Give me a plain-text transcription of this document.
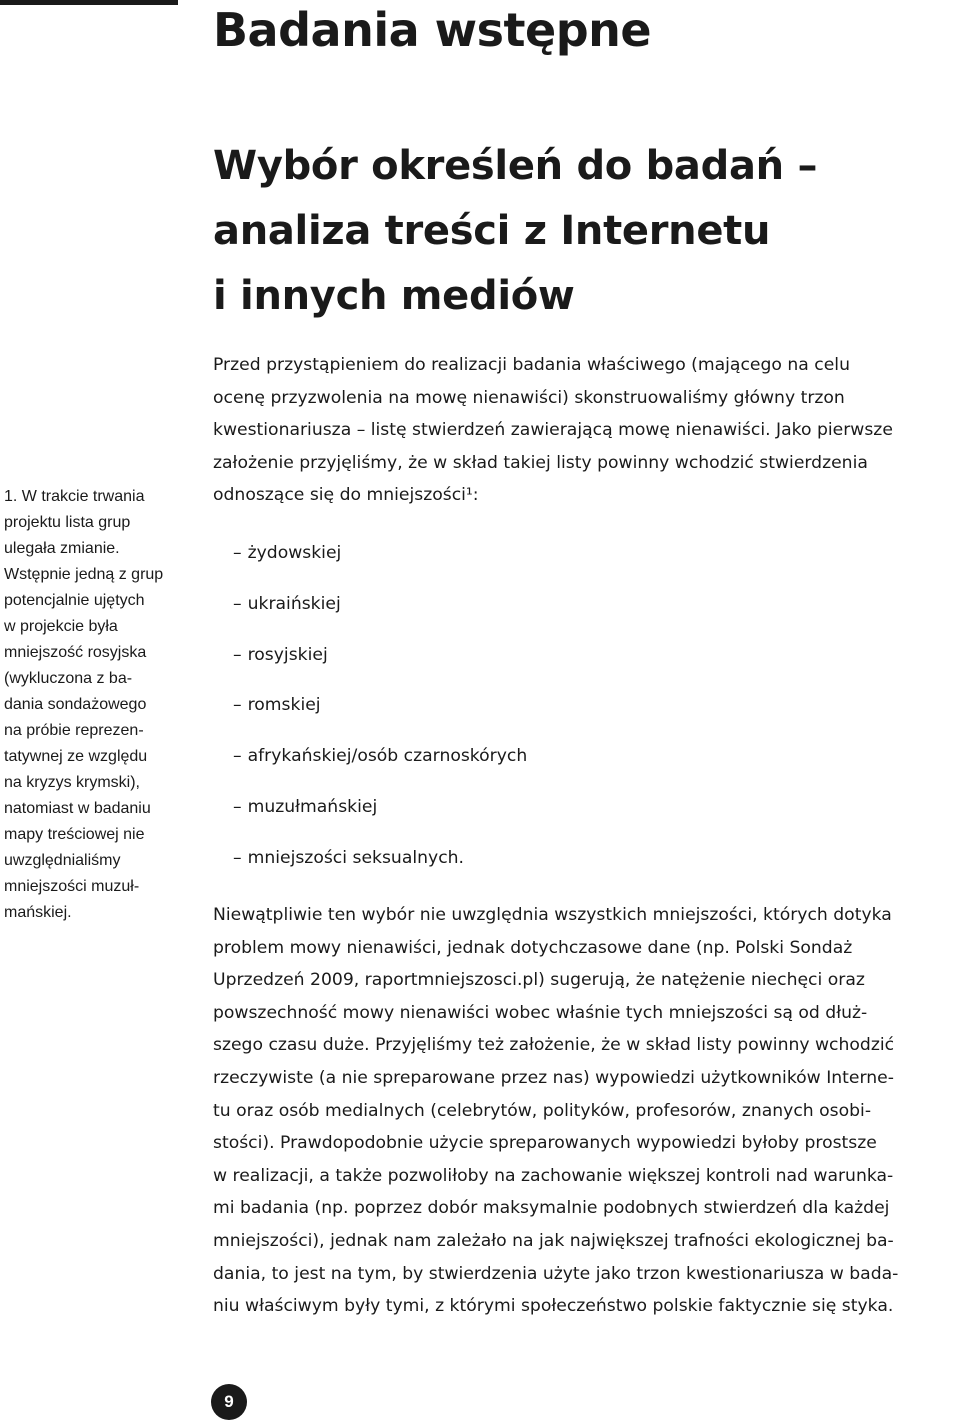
Badania wstępne
Wybór określeń do badań –
analiza treści z Internetu
i innych mediów
1. W trakcie trwania
projektu lista grup
ulegała zmianie.
Wstępnie jedną z grup
potencjalnie ujętych
w projekcie była
mniejszość rosyjska
(wykluczona z ba-
dania sondażowego
na próbie reprezen-
tatywnej ze względu
na kryzys krymski),
natomiast w badaniu
mapy treściowej nie
uwzględnialiśmy
mniejszości muzuł-
mańskiej.
Przed przystąpieniem do realizacji badania właściwego (mającego na celu
ocenę przyzwolenia na mowę nienawiści) skonstruowaliśmy główny trzon
kwestionariusza – listę stwierdzeń zawierającą mowę nienawiści. Jako pierwsze
założenie przyjęliśmy, że w skład takiej listy powinny wchodzić stwierdzenia
odnoszące się do mniejszości¹:
– żydowskiej
– ukraińskiej
– rosyjskiej
– romskiej
– afrykańskiej/osób czarnoskórych
– muzułmańskiej
– mniejszości seksualnych.
Niewątpliwie ten wybór nie uwzględnia wszystkich mniejszości, których dotyka
problem mowy nienawiści, jednak dotychczasowe dane (np. Polski Sondaż
Uprzedzeń 2009, raportmniejszosci.pl) sugerują, że natężenie niechęci oraz
powszechność mowy nienawiści wobec właśnie tych mniejszości są od dłuż-
szego czasu duże. Przyjęliśmy też założenie, że w skład listy powinny wchodzić
rzeczywiste (a nie spreparowane przez nas) wypowiedzi użytkowników Interne-
tu oraz osób medialnych (celebrytów, polityków, profesorów, znanych osobi-
stości). Prawdopodobnie użycie spreparowanych wypowiedzi byłoby prostsze
w realizacji, a także pozwoliłoby na zachowanie większej kontroli nad warunka-
mi badania (np. poprzez dobór maksymalnie podobnych stwierdzeń dla każdej
mniejszości), jednak nam zależało na jak największej trafności ekologicznej ba-
dania, to jest na tym, by stwierdzenia użyte jako trzon kwestionariusza w bada-
niu właściwym były tymi, z którymi społeczeństwo polskie faktycznie się styka.
9
